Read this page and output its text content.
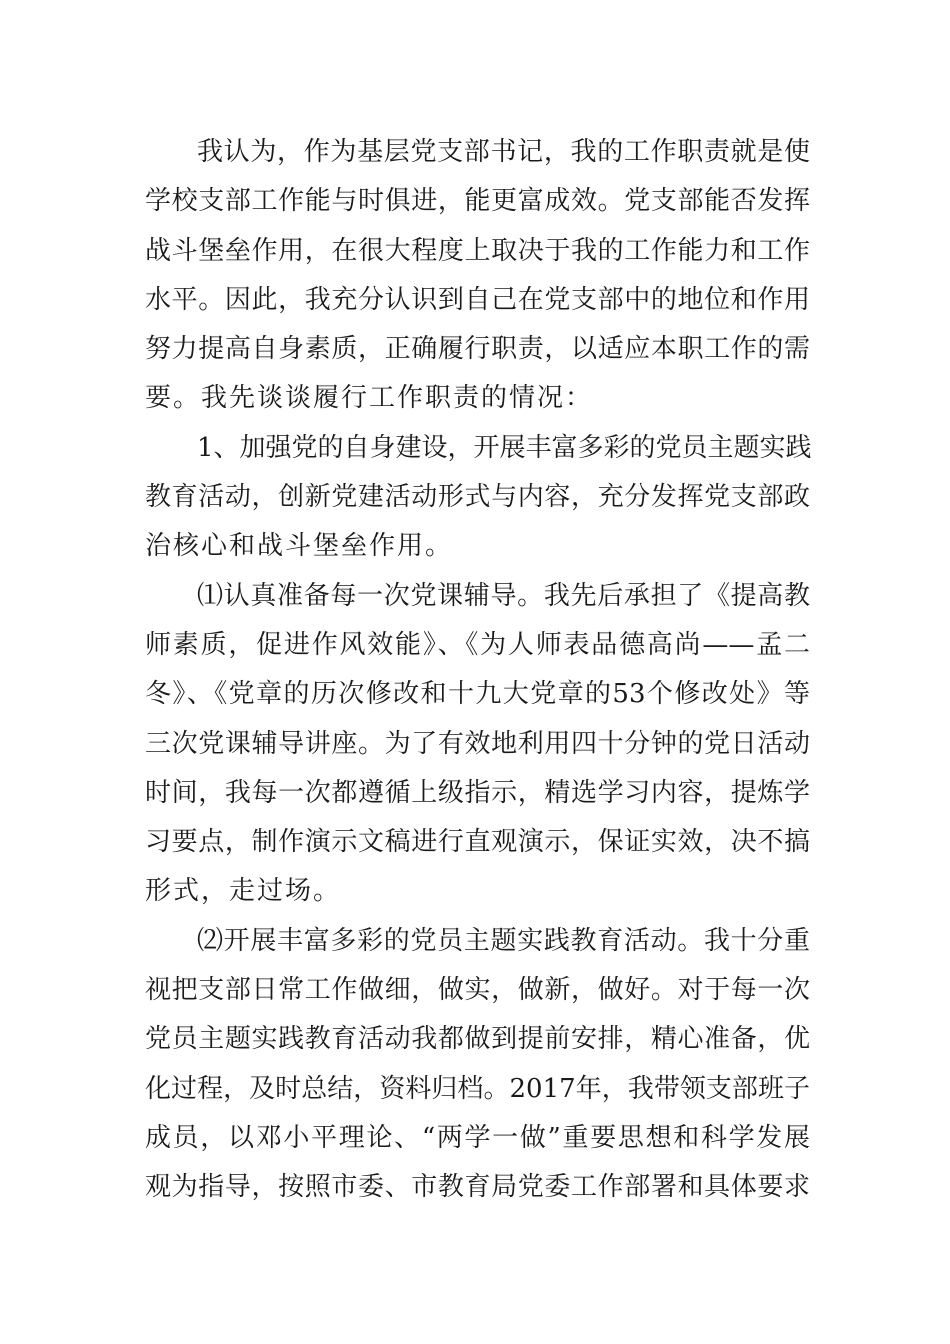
我认为，作为基层党支部书记，我的工作职责就是使
学校支部工作能与时俱进，能更富成效。党支部能否发挥
战斗堡垒作用，在很大程度上取决于我的工作能力和工作
水平。因此，我充分认识到自己在党支部中的地位和作用
努力提高自身素质，正确履行职责，以适应本职工作的需
要。我先谈谈履行工作职责的情况：
1、加强党的自身建设，开展丰富多彩的党员主题实践
教育活动，创新党建活动形式与内容，充分发挥党支部政
治核心和战斗堡垒作用。
⑴认真准备每一次党课辅导。我先后承担了《提高教
师素质，促进作风效能》、《为人师表品德高尚——孟二
冬》、《党章的历次修改和十九大党章的53个修改处》等
三次党课辅导讲座。为了有效地利用四十分钟的党日活动
时间，我每一次都遵循上级指示，精选学习内容，提炼学
习要点，制作演示文稿进行直观演示，保证实效，决不搞
形式，走过场。
⑵开展丰富多彩的党员主题实践教育活动。我十分重
视把支部日常工作做细，做实，做新，做好。对于每一次
党员主题实践教育活动我都做到提前安排，精心准备，优
化过程，及时总结，资料归档。2017年，我带领支部班子
成员，以邓小平理论、“两学一做”重要思想和科学发展
观为指导，按照市委、市教育局党委工作部署和具体要求
